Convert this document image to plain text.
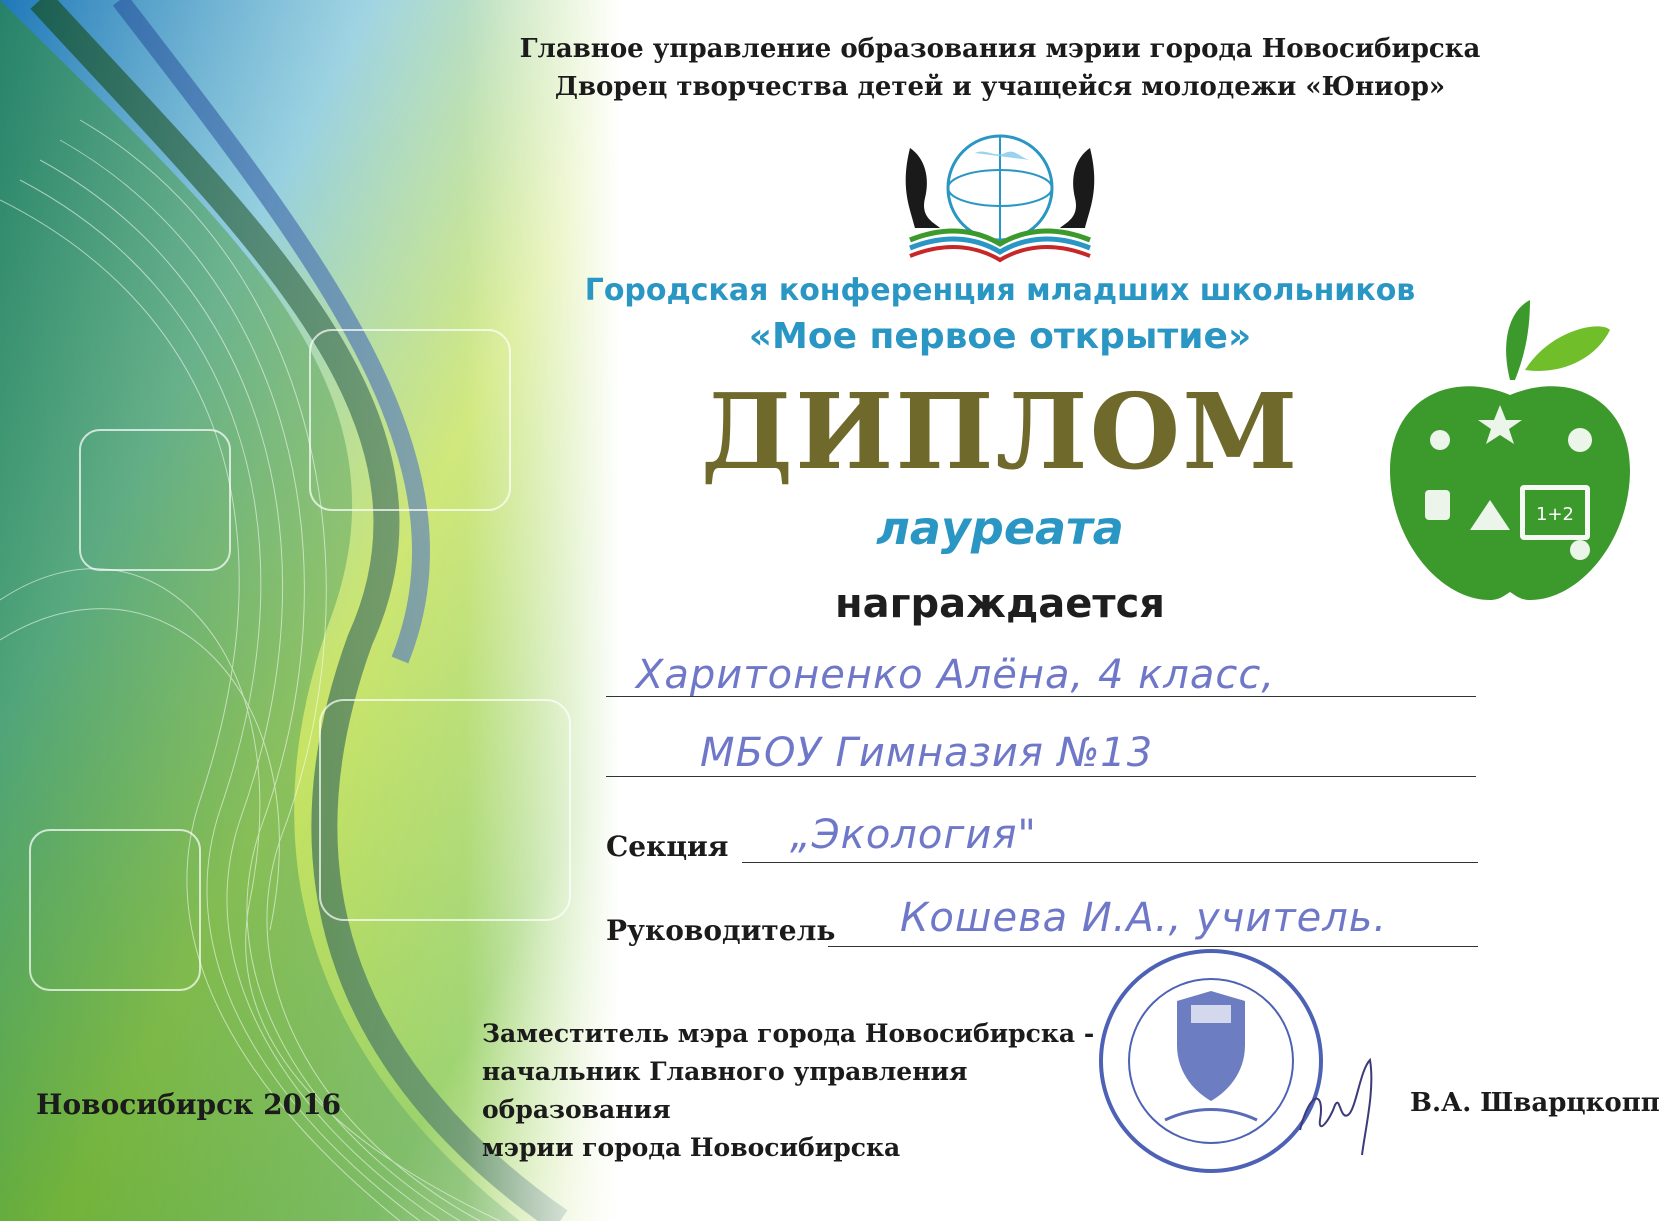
Главное управление образования мэрии города Новосибирска
Дворец творчества детей и учащейся молодежи «Юниор»
Городская конференция младших школьников
«Мое первое открытие»
ДИПЛОМ
лауреата
награждается
Харитоненко Алёна, 4 класс,
МБОУ Гимназия №13
Секция „Экология"
Руководитель Кошева И.А., учитель.
Заместитель мэра города Новосибирска -
начальник Главного управления образования
мэрии города Новосибирска
Новосибирск 2016	В.А. Шварцкопп
1+2
